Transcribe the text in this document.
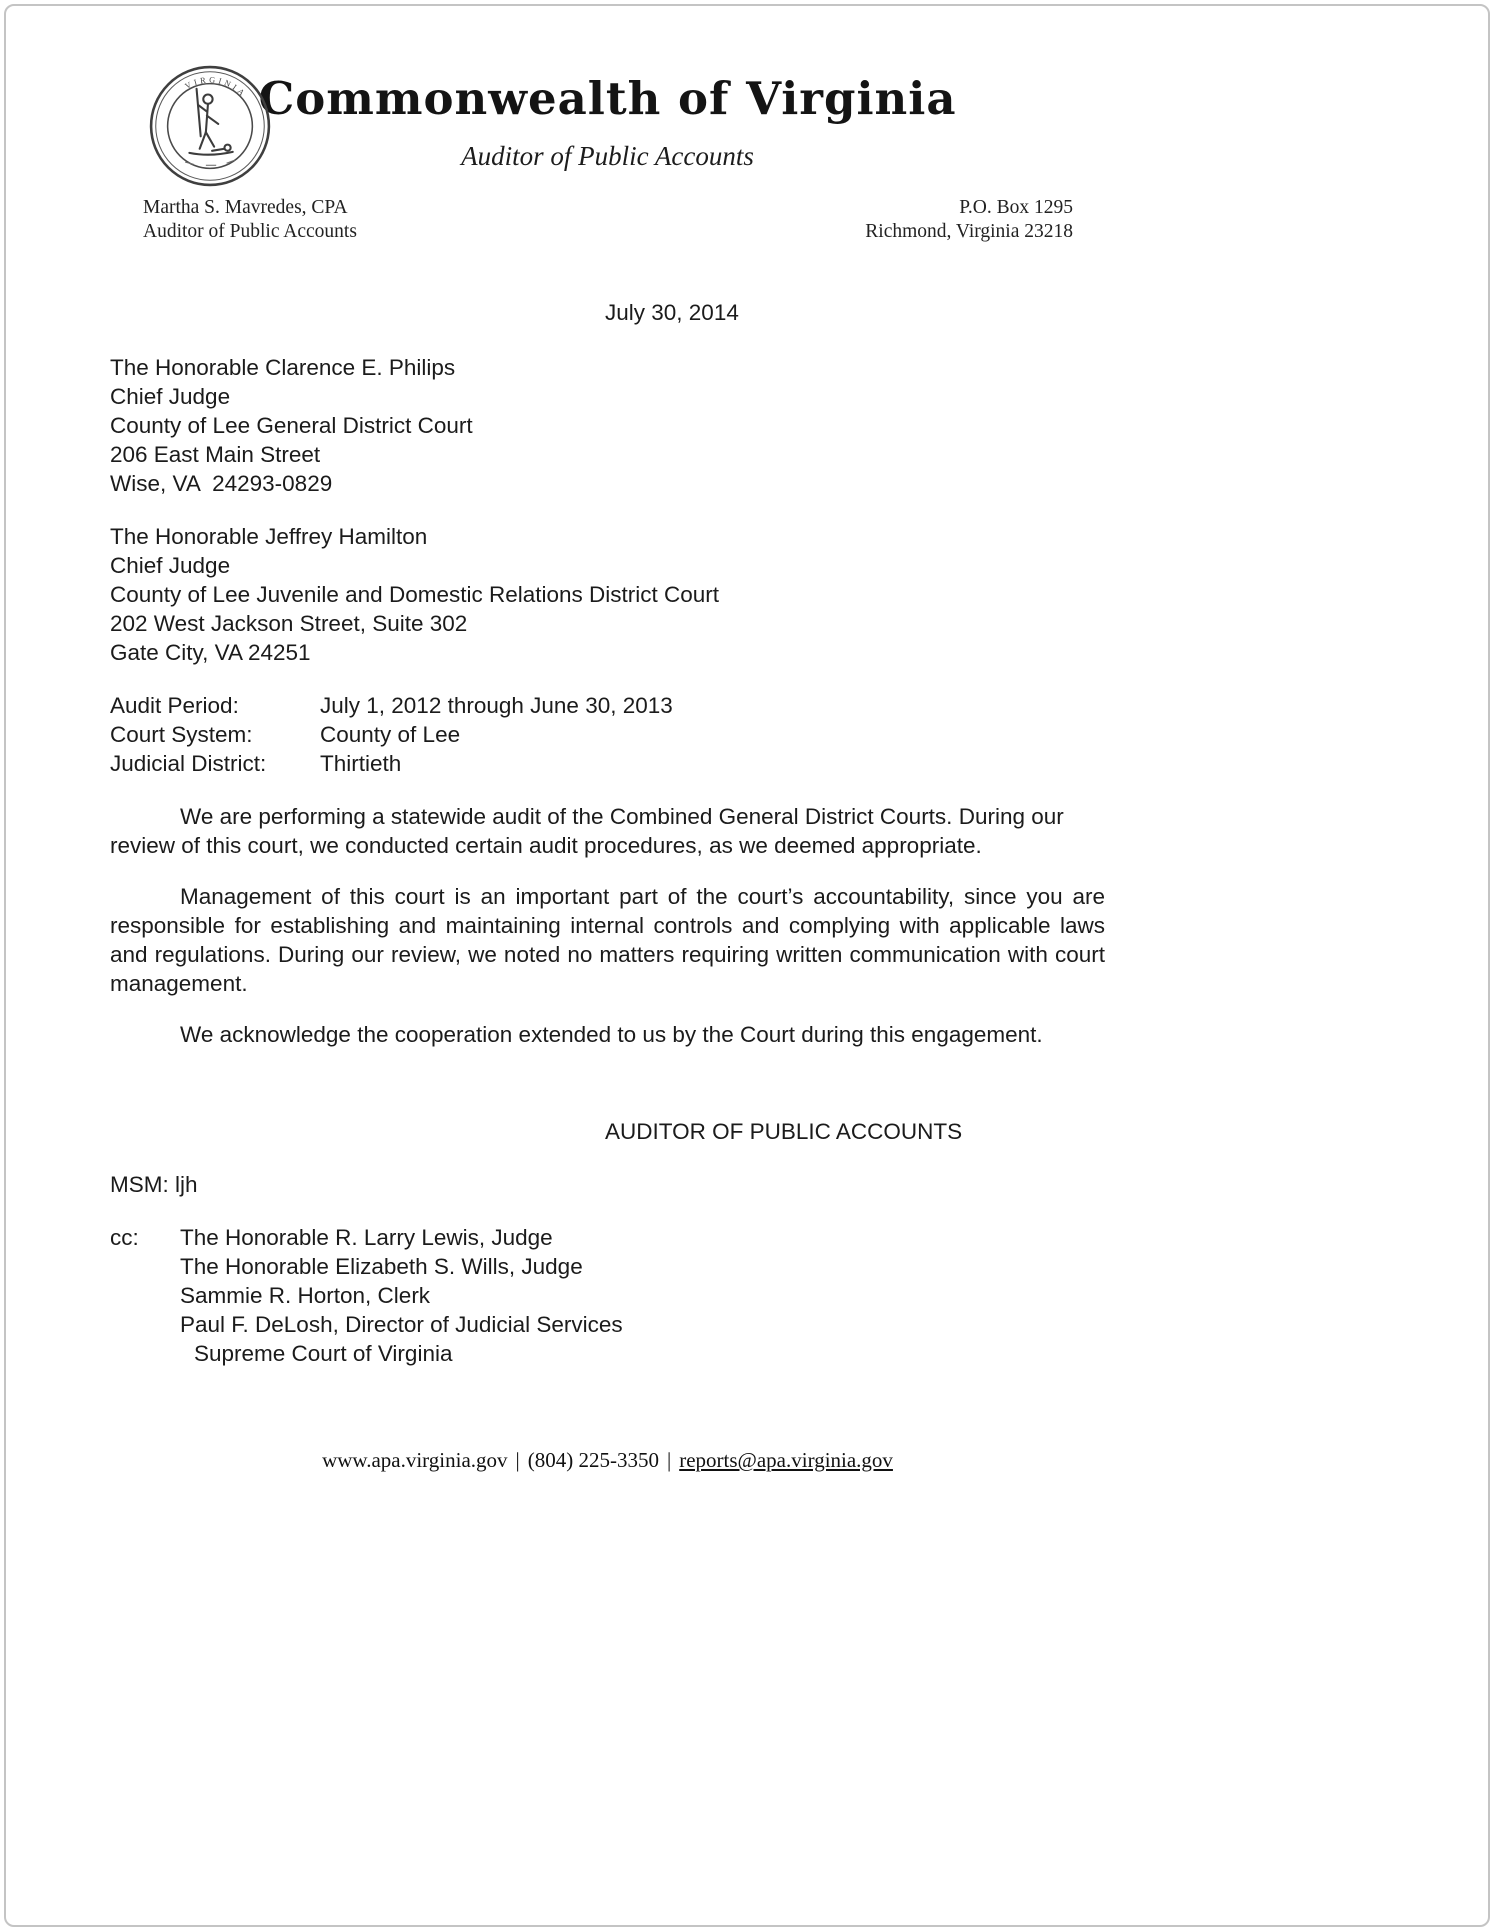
VIRGINIA Commonwealth of Virginia
Auditor of Public Accounts
Martha S. Mavredes, CPA
Auditor of Public Accounts
P.O. Box 1295
Richmond, Virginia 23218
July 30, 2014
The Honorable Clarence E. Philips
Chief Judge
County of Lee General District Court
206 East Main Street
Wise, VA  24293-0829
The Honorable Jeffrey Hamilton
Chief Judge
County of Lee Juvenile and Domestic Relations District Court
202 West Jackson Street, Suite 302
Gate City, VA 24251
Audit Period:	July 1, 2012 through June 30, 2013
Court System:	County of Lee
Judicial District:	Thirtieth

We are performing a statewide audit of the Combined General District Courts. During our review of this court, we conducted certain audit procedures, as we deemed appropriate.

Management of this court is an important part of the court’s accountability, since you are responsible for establishing and maintaining internal controls and complying with applicable laws and regulations. During our review, we noted no matters requiring written communication with court management.

We acknowledge the cooperation extended to us by the Court during this engagement.

AUDITOR OF PUBLIC ACCOUNTS
MSM: ljh
cc:	The Honorable R. Larry Lewis, Judge
The Honorable Elizabeth S. Wills, Judge
Sammie R. Horton, Clerk
Paul F. DeLosh, Director of Judicial Services
Supreme Court of Virginia
www.apa.virginia.gov | (804) 225-3350 | reports@apa.virginia.gov
